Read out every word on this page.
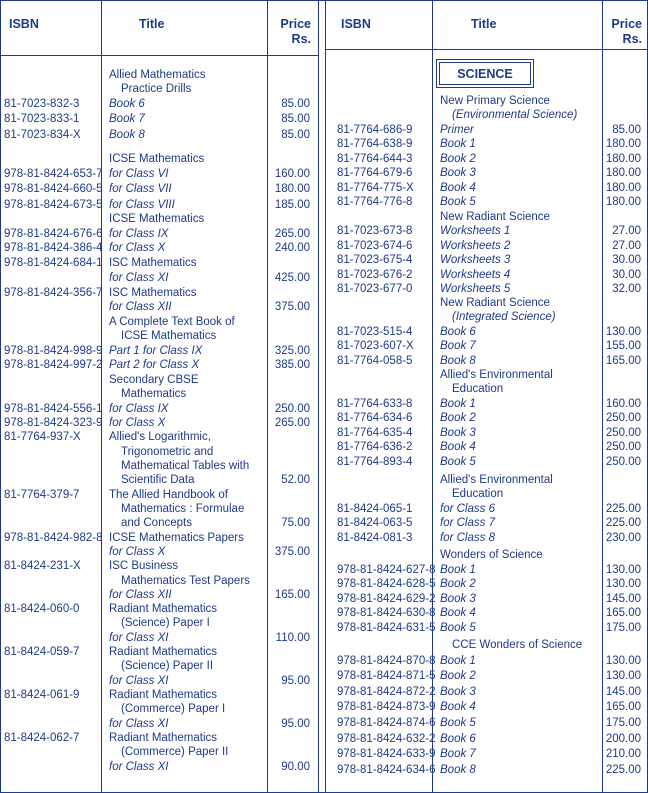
ISBN	Title	Price
Rs.
ISBN	Title	Price
Rs.
SCIENCE
Allied Mathematics
Practice Drills
81-7023-832-3	Book 6	85.00
81-7023-833-1	Book 7	85.00
81-7023-834-X Book 8	85.00
ICSE Mathematics
978-81-8424-653-7 for Class VI	160.00
978-81-8424-660-5 for Class VII	180.00
978-81-8424-673-5 for Class VIII	185.00
ICSE Mathematics
978-81-8424-676-6 for Class IX	265.00
978-81-8424-386-4 for Class X	240.00
978-81-8424-684-1 ISC Mathematics
for Class XI	425.00
978-81-8424-356-7 ISC Mathematics
for Class XII	375.00
A Complete Text Book of
ICSE Mathematics
978-81-8424-998-9 Part 1 for Class IX	325.00
978-81-8424-997-2 Part 2 for Class X	385.00
Secondary CBSE
Mathematics
978-81-8424-556-1 for Class IX	250.00
978-81-8424-323-9 for Class X	265.00
81-7764-937-X Allied's Logarithmic,
Trigonometric and
Mathematical Tables with
Scientific Data	52.00
81-7764-379-7	The Allied Handbook of
Mathematics : Formulae
and Concepts	75.00
978-81-8424-982-8 ICSE Mathematics Papers
for Class X	375.00
81-8424-231-X ISC Business
Mathematics Test Papers
for Class XII	165.00
81-8424-060-0	Radiant Mathematics
(Science) Paper I
for Class XI	110.00
81-8424-059-7	Radiant Mathematics
(Science) Paper II
for Class XI	95.00
81-8424-061-9	Radiant Mathematics
(Commerce) Paper I
for Class XI	95.00
81-8424-062-7	Radiant Mathematics
(Commerce) Paper II
for Class XI	90.00
New Primary Science
(Environmental Science)
81-7764-686-9 Primer	85.00
81-7764-638-9 Book 1	180.00
81-7764-644-3 Book 2	180.00
81-7764-679-6 Book 3	180.00
81-7764-775-X Book 4	180.00
81-7764-776-8 Book 5	180.00
New Radiant Science
81-7023-673-8 Worksheets 1	27.00
81-7023-674-6 Worksheets 2	27.00
81-7023-675-4 Worksheets 3	30.00
81-7023-676-2 Worksheets 4	30.00
81-7023-677-0 Worksheets 5	32.00
New Radiant Science
(Integrated Science)
81-7023-515-4 Book 6	130.00
81-7023-607-X Book 7	155.00
81-7764-058-5 Book 8	165.00
Allied's Environmental
Education
81-7764-633-8 Book 1	160.00
81-7764-634-6 Book 2	250.00
81-7764-635-4 Book 3	250.00
81-7764-636-2 Book 4	250.00
81-7764-893-4 Book 5	250.00
Allied's Environmental
Education
81-8424-065-1 for Class 6	225.00
81-8424-063-5 for Class 7	225.00
81-8424-081-3 for Class 8	230.00
Wonders of Science
978-81-8424-627-8 Book 1	130.00
978-81-8424-628-5 Book 2	130.00
978-81-8424-629-2 Book 3	145.00
978-81-8424-630-8 Book 4	165.00
978-81-8424-631-5 Book 5	175.00
CCE Wonders of Science
978-81-8424-870-8 Book 1	130.00
978-81-8424-871-5 Book 2	130.00
978-81-8424-872-2 Book 3	145.00
978-81-8424-873-9 Book 4	165.00
978-81-8424-874-6 Book 5	175.00
978-81-8424-632-2 Book 6	200.00
978-81-8424-633-9 Book 7	210.00
978-81-8424-634-6 Book 8	225.00
